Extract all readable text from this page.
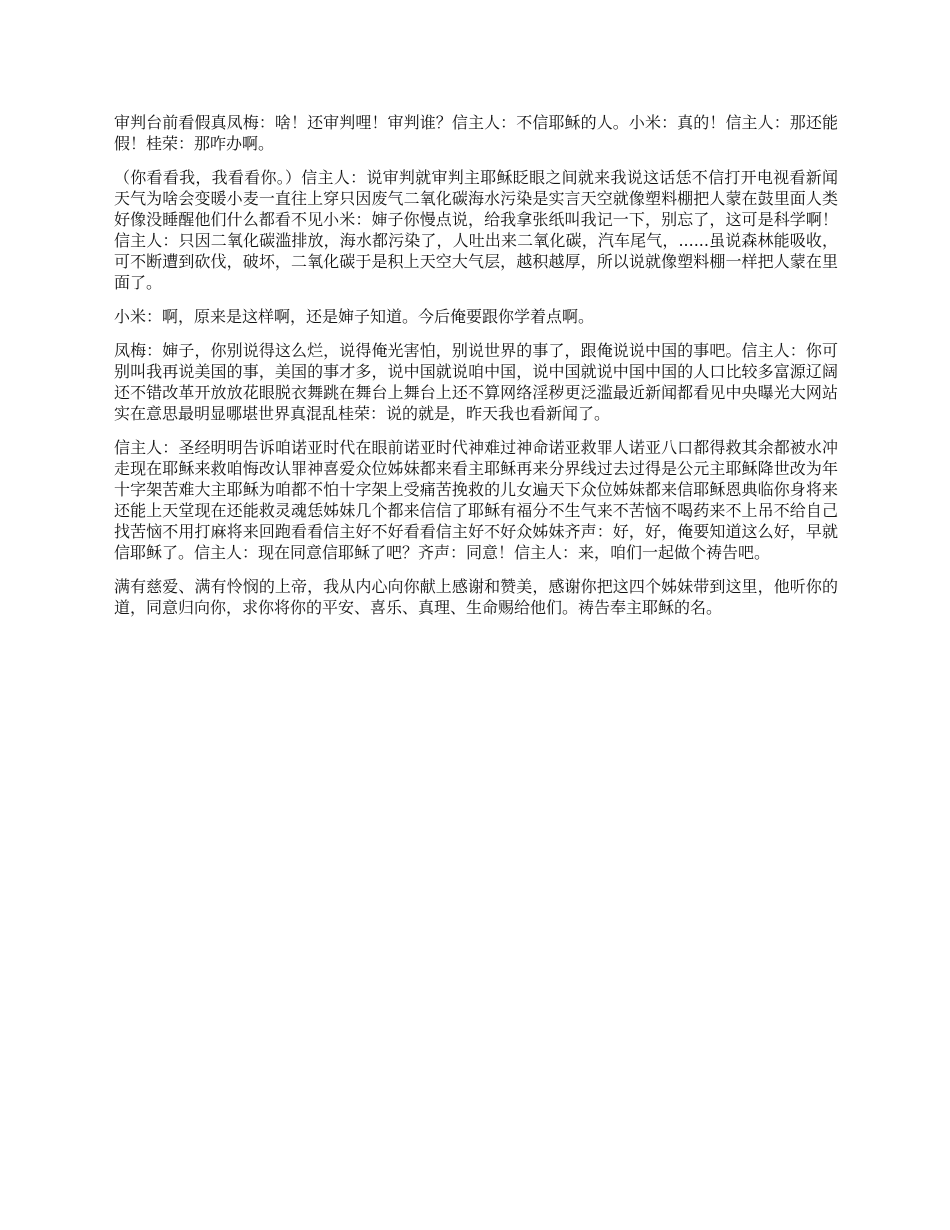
审判台前看假真凤梅：啥！还审判哩！审判谁？信主人：不信耶稣的人。小米：真的！信主人：那还能假！桂荣：那咋办啊。

（你看看我，我看看你。）信主人：说审判就审判主耶稣眨眼之间就来我说这话恁不信打开电视看新闻天气为啥会变暖小麦一直往上穿只因废气二氧化碳海水污染是实言天空就像塑料棚把人蒙在鼓里面人类好像没睡醒他们什么都看不见小米：婶子你慢点说，给我拿张纸叫我记一下，别忘了，这可是科学啊！信主人：只因二氧化碳滥排放，海水都污染了，人吐出来二氧化碳，汽车尾气，......虽说森林能吸收，可不断遭到砍伐，破坏，二氧化碳于是积上天空大气层，越积越厚，所以说就像塑料棚一样把人蒙在里面了。

小米：啊，原来是这样啊，还是婶子知道。今后俺要跟你学着点啊。

凤梅：婶子，你别说得这么烂，说得俺光害怕，别说世界的事了，跟俺说说中国的事吧。信主人：你可别叫我再说美国的事，美国的事才多，说中国就说咱中国，说中国就说中国中国的人口比较多富源辽阔还不错改革开放放花眼脱衣舞跳在舞台上舞台上还不算网络淫秽更泛滥最近新闻都看见中央曝光大网站实在意思最明显哪堪世界真混乱桂荣：说的就是，昨天我也看新闻了。

信主人：圣经明明告诉咱诺亚时代在眼前诺亚时代神难过神命诺亚救罪人诺亚八口都得救其余都被水冲走现在耶稣来救咱悔改认罪神喜爱众位姊妹都来看主耶稣再来分界线过去过得是公元主耶稣降世改为年十字架苦难大主耶稣为咱都不怕十字架上受痛苦挽救的儿女遍天下众位姊妹都来信耶稣恩典临你身将来还能上天堂现在还能救灵魂恁姊妹几个都来信信了耶稣有福分不生气来不苦恼不喝药来不上吊不给自己找苦恼不用打麻将来回跑看看信主好不好看看信主好不好众姊妹齐声：好，好，俺要知道这么好，早就信耶稣了。信主人：现在同意信耶稣了吧？齐声：同意！信主人：来，咱们一起做个祷告吧。

满有慈爱、满有怜悯的上帝，我从内心向你献上感谢和赞美，感谢你把这四个姊妹带到这里，他听你的道，同意归向你，求你将你的平安、喜乐、真理、生命赐给他们。祷告奉主耶稣的名。
